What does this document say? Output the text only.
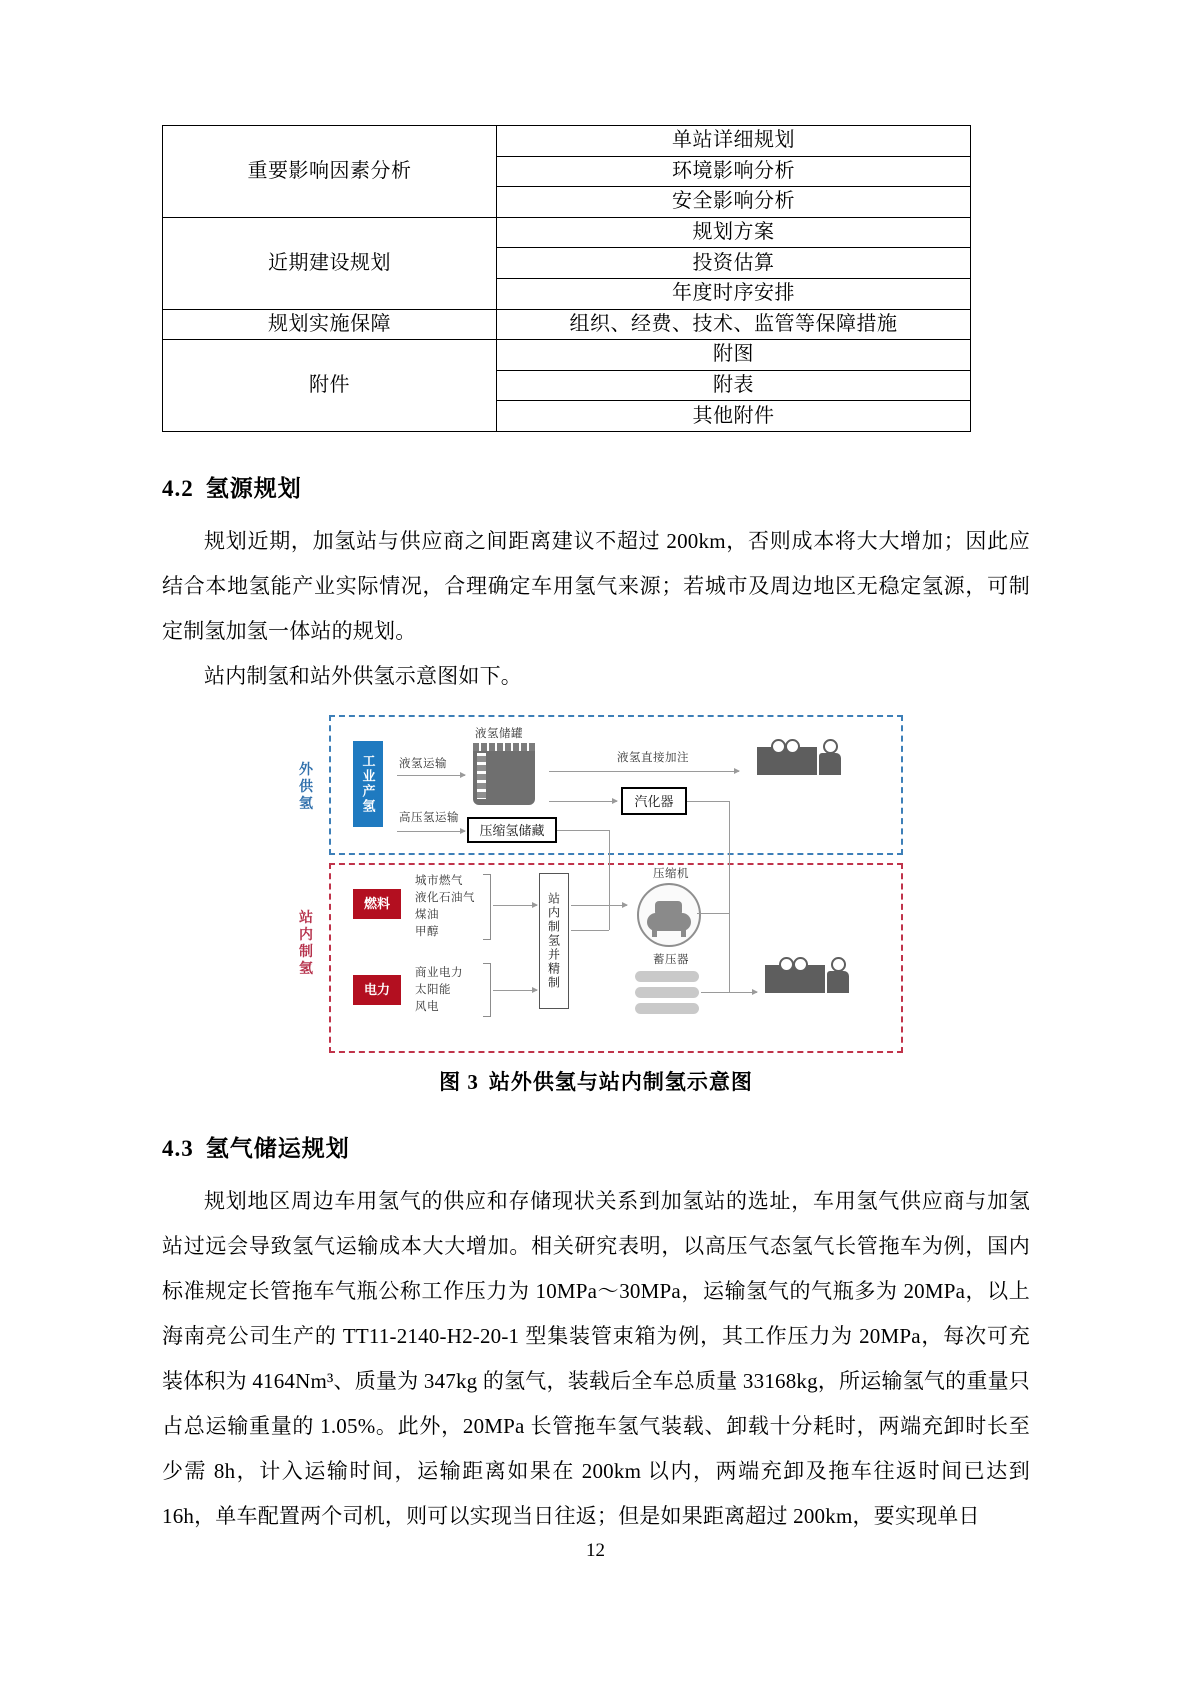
重要影响因素分析	单站详细规划
	环境影响分析
	安全影响分析
近期建设规划	规划方案
	投资估算
	年度时序安排
规划实施保障	组织、经费、技术、监管等保障措施
附件	附图
	附表
	其他附件
4.2 氢源规划

规划近期，加氢站与供应商之间距离建议不超过 200km，否则成本将大大增加；因此应结合本地氢能产业实际情况，合理确定车用氢气来源；若城市及周边地区无稳定氢源，可制定制氢加氢一体站的规划。

站内制氢和站外供氢示意图如下。

外供氢
站内制氢
工业产氢 液氢运输
高压氢运输
液氢储罐
压缩氢储藏
液氢直接加注
汽化器
燃料
城市燃气
液化石油气
煤油
甲醇
电力
商业电力
太阳能
风电
站内制氢并精制
压缩机
蓄压器
图 3 站外供氢与站内制氢示意图
4.3 氢气储运规划

规划地区周边车用氢气的供应和存储现状关系到加氢站的选址，车用氢气供应商与加氢站过远会导致氢气运输成本大大增加。相关研究表明，以高压气态氢气长管拖车为例，国内标准规定长管拖车气瓶公称工作压力为 10MPa～30MPa，运输氢气的气瓶多为 20MPa，以上海南亮公司生产的 TT11-2140-H2-20-1 型集装管束箱为例，其工作压力为 20MPa，每次可充装体积为 4164Nm³、质量为 347kg 的氢气，装载后全车总质量 33168kg，所运输氢气的重量只占总运输重量的 1.05%。此外，20MPa 长管拖车氢气装载、卸载十分耗时，两端充卸时长至少需 8h，计入运输时间，运输距离如果在 200km 以内，两端充卸及拖车往返时间已达到 16h，单车配置两个司机，则可以实现当日往返；但是如果距离超过 200km，要实现单日

12
